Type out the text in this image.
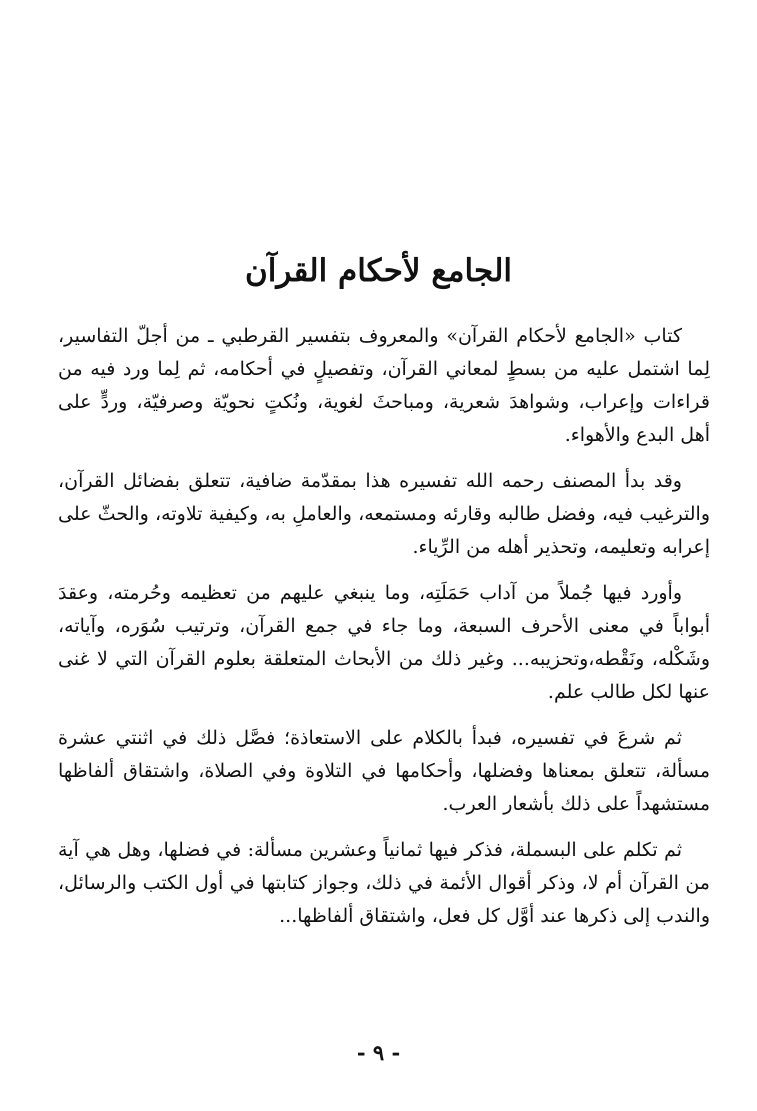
الجامع لأحكام القرآن

كتاب «الجامع لأحكام القرآن» والمعروف بتفسير القرطبي ـ من أجلّ التفاسير، لِما اشتمل عليه من بسطٍ لمعاني القرآن، وتفصيلٍ في أحكامه، ثم لِما ورد فيه من قراءات وإعراب، وشواهدَ شعرية، ومباحثَ لغوية، ونُكتٍ نحويّة وصرفيّة، وردٍّ على أهل البدع والأهواء.

وقد بدأ المصنف رحمه الله تفسيره هذا بمقدّمة ضافية، تتعلق بفضائل القرآن، والترغيب فيه، وفضل طالبه وقارئه ومستمعه، والعاملِ به، وكيفية تلاوته، والحثّ على إعرابه وتعليمه، وتحذير أهله من الرِّياء.

وأورد فيها جُملاً من آداب حَمَلَتِه، وما ينبغي عليهم من تعظيمه وحُرمته، وعقدَ أبواباً في معنى الأحرف السبعة، وما جاء في جمع القرآن، وترتيب سُوَره، وآياته، وشَكْله، ونَقْطه،وتحزيبه... وغير ذلك من الأبحاث المتعلقة بعلوم القرآن التي لا غنى عنها لكل طالب علم.

ثم شرعَ في تفسيره، فبدأ بالكلام على الاستعاذة؛ فصَّل ذلك في اثنتي عشرة مسألة، تتعلق بمعناها وفضلها، وأحكامها في التلاوة وفي الصلاة، واشتقاق ألفاظها مستشهداً على ذلك بأشعار العرب.

ثم تكلم على البسملة، فذكر فيها ثمانياً وعشرين مسألة: في فضلها، وهل هي آية من القرآن أم لا، وذكر أقوال الأئمة في ذلك، وجواز كتابتها في أول الكتب والرسائل، والندب إلى ذكرها عند أوَّل كل فعل، واشتقاق ألفاظها...

- ٩ -
